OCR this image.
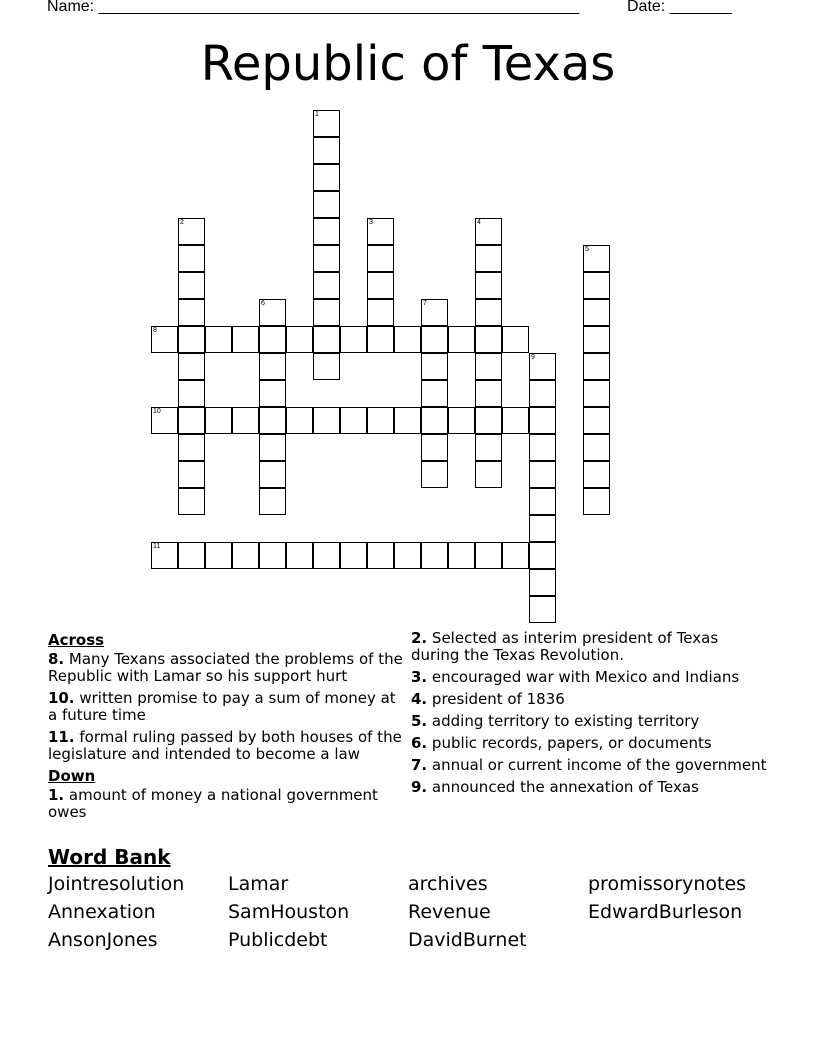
Name: ______________________________________________________	Date: _______
Republic of Texas
1
2	3	4
5
6	7
8
9
10
11
Across
8. Many Texans associated the problems of the Republic with Lamar so his support hurt
10. written promise to pay a sum of money at a future time
11. formal ruling passed by both houses of the legislature and intended to become a law
Down
1. amount of money a national government owes
2. Selected as interim president of Texas during the Texas Revolution.
3. encouraged war with Mexico and Indians
4. president of 1836
5. adding territory to existing territory
6. public records, papers, or documents
7. annual or current income of the government
9. announced the annexation of Texas
Word Bank
Jointresolution	Lamar	archives	promissorynotes
Annexation	SamHouston	Revenue	EdwardBurleson
AnsonJones	Publicdebt	DavidBurnet
